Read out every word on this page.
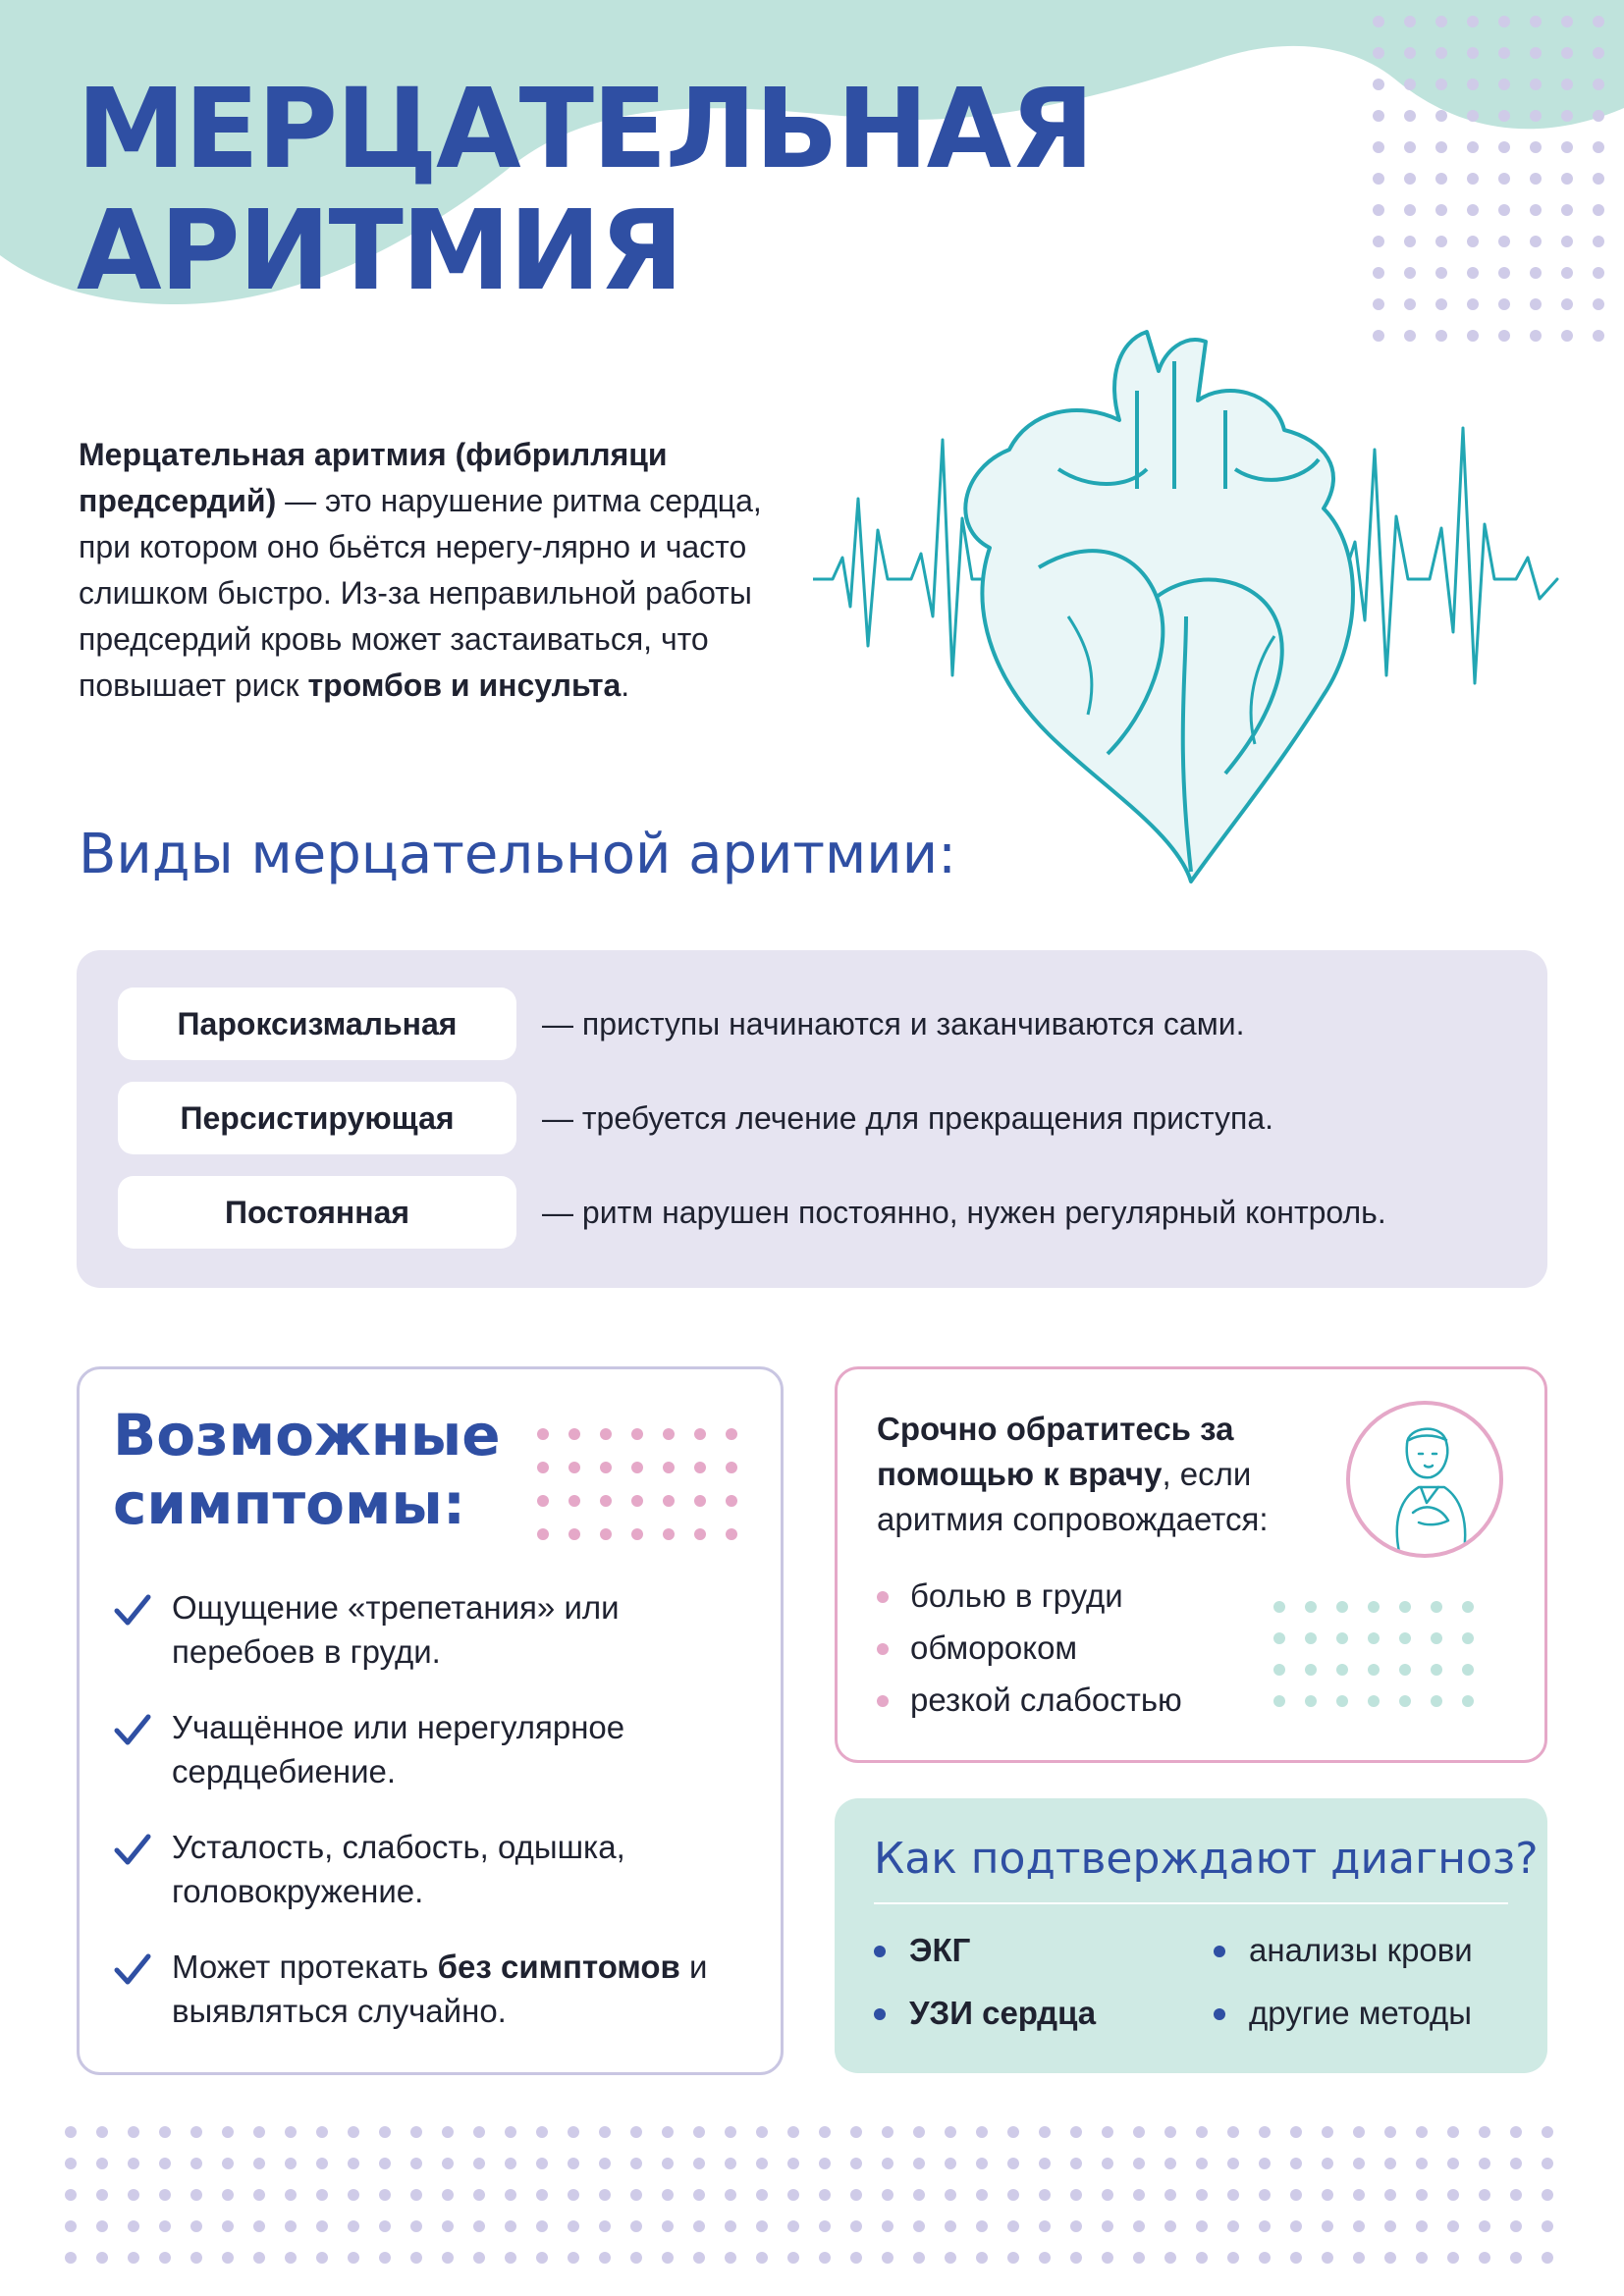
МЕРЦАТЕЛЬНАЯ
АРИТМИЯ

Мерцательная аритмия (фибрилляци предсердий) — это нарушение ритма сердца, при котором оно бьётся нерегу-лярно и часто слишком быстро. Из-за неправильной работы предсердий кровь может застаиваться, что повышает риск тромбов и инсульта.

Виды мерцательной аритмии:
Пароксизмальная	— приступы начинаются и заканчиваются сами.
Персистирующая	— требуется лечение для прекращения приступа.
Постоянная	— ритм нарушен постоянно, нужен регулярный контроль.
Возможные
симптомы:
Ощущение «трепетания» или перебоев в груди.
Учащённое или нерегулярное сердцебиение.
Усталость, слабость, одышка, головокружение.
Может протекать без симптомов и выявляться случайно.

Срочно обратитесь за помощью к врачу, если аритмия сопровождается:

болью в груди
обмороком
резкой слабостью
Как подтверждают диагноз?
ЭКГ	анализы крови
УЗИ сердца	другие методы
